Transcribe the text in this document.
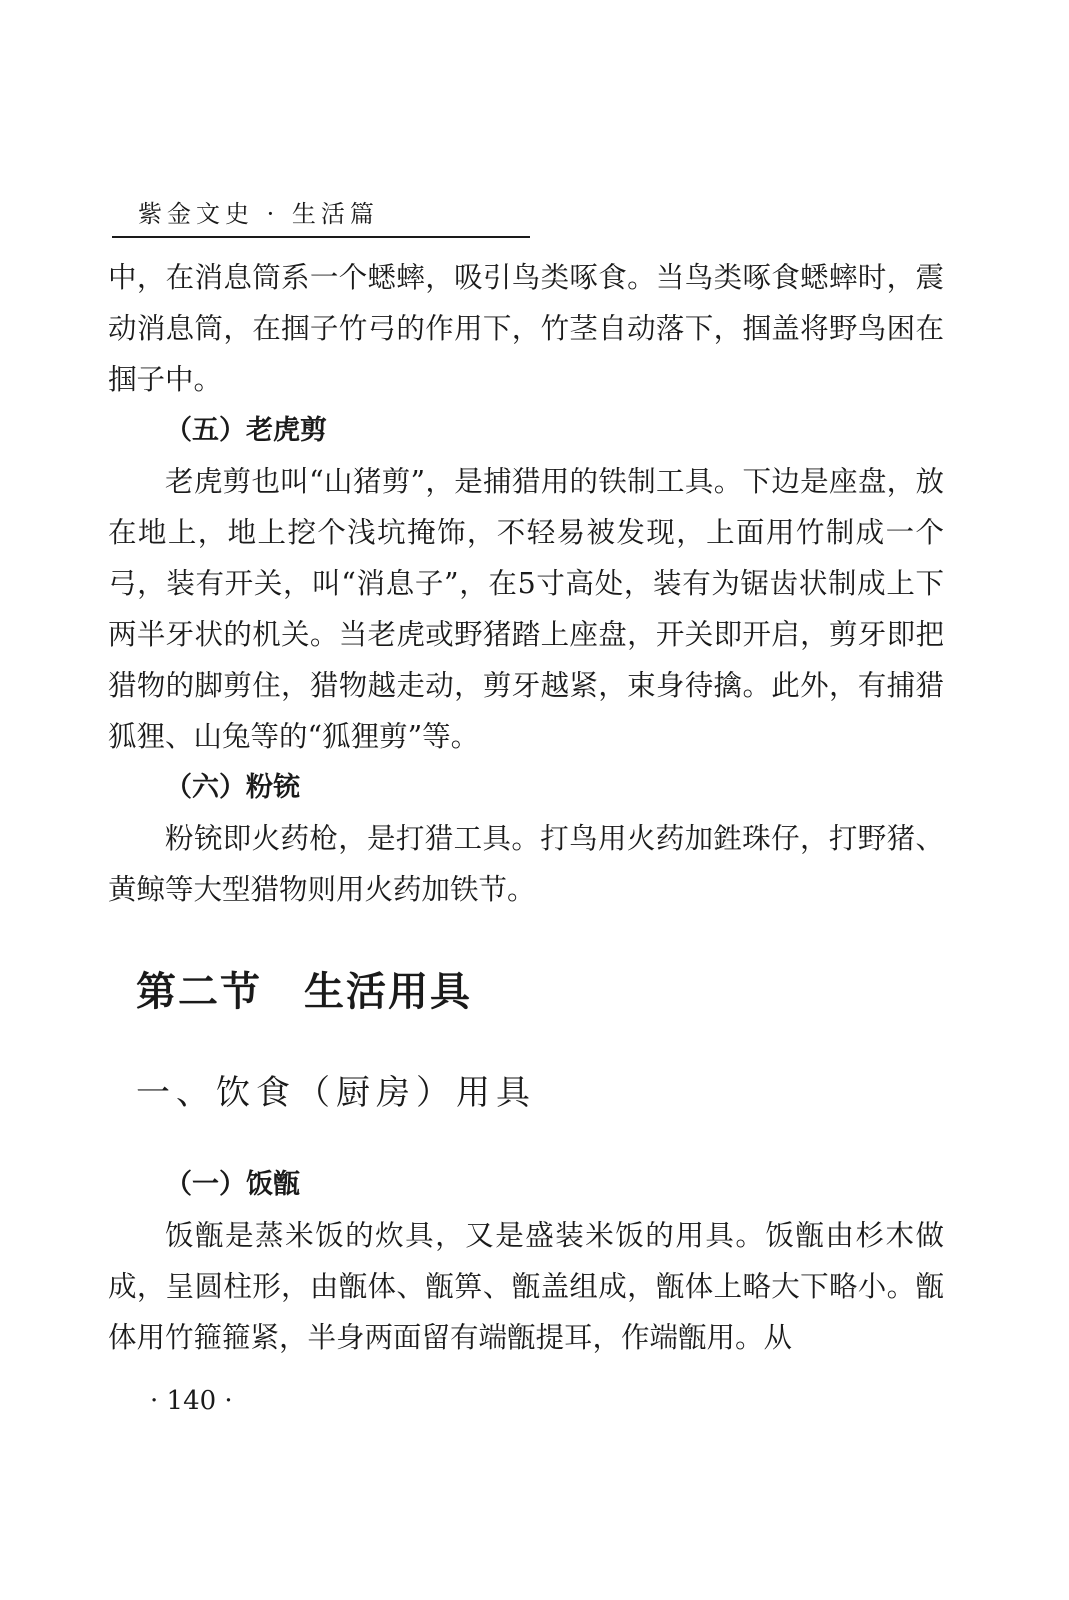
紫金文史 · 生活篇

中，在消息筒系一个蟋蟀，吸引鸟类啄食。当鸟类啄食蟋蟀时，震动消息筒，在掴子竹弓的作用下，竹茎自动落下，掴盖将野鸟困在掴子中。

（五）老虎剪

老虎剪也叫“山猪剪”，是捕猎用的铁制工具。下边是座盘，放在地上，地上挖个浅坑掩饰，不轻易被发现，上面用竹制成一个弓，装有开关，叫“消息子”，在5寸高处，装有为锯齿状制成上下两半牙状的机关。当老虎或野猪踏上座盘，开关即开启，剪牙即把猎物的脚剪住，猎物越走动，剪牙越紧，束身待擒。此外，有捕猎狐狸、山兔等的“狐狸剪”等。

（六）粉铳

粉铳即火药枪，是打猎工具。打鸟用火药加鉎珠仔，打野猪、黄鲸等大型猎物则用火药加铁节。

第二节　生活用具

一、饮食（厨房）用具

（一）饭甑

饭甑是蒸米饭的炊具，又是盛装米饭的用具。饭甑由杉木做成，呈圆柱形，由甑体、甑箅、甑盖组成，甑体上略大下略小。甑体用竹箍箍紧，半身两面留有端甑提耳，作端甑用。从

· 140 ·
